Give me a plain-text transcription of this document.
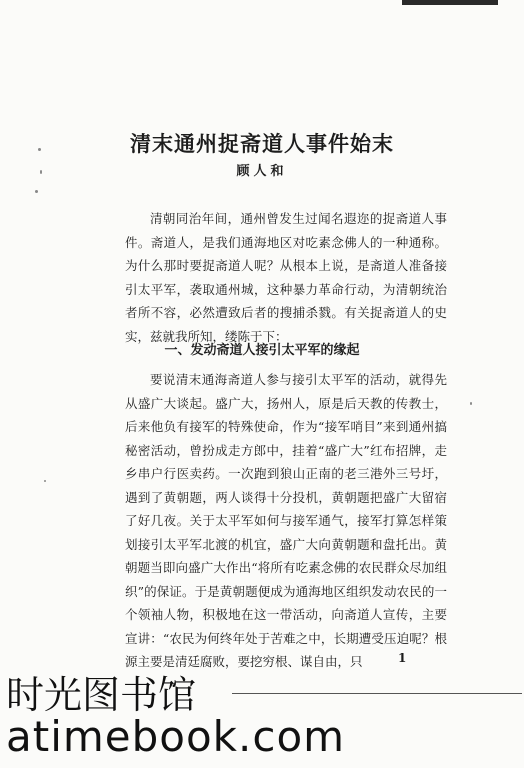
清末通州捉斋道人事件始末
顾人和

清朝同治年间，通州曾发生过闻名遐迩的捉斋道人事件。斋道人，是我们通海地区对吃素念佛人的一种通称。为什么那时要捉斋道人呢？从根本上说，是斋道人准备接引太平军，袭取通州城，这种暴力革命行动，为清朝统治者所不容，必然遭致后者的搜捕杀戮。有关捉斋道人的史实，兹就我所知，缕陈于下：

一、发动斋道人接引太平军的缘起

要说清末通海斋道人参与接引太平军的活动，就得先从盛广大谈起。盛广大，扬州人，原是后天教的传教士，后来他负有接军的特殊使命，作为“接军哨目”来到通州搞秘密活动，曾扮成走方郎中，挂着“盛广大”红布招牌，走乡串户行医卖药。一次跑到狼山正南的老三港外三号圩，遇到了黄朝题，两人谈得十分投机，黄朝题把盛广大留宿了好几夜。关于太平军如何与接军通气，接军打算怎样策划接引太平军北渡的机宜，盛广大向黄朝题和盘托出。黄朝题当即向盛广大作出“将所有吃素念佛的农民群众尽加组织”的保证。于是黄朝题便成为通海地区组织发动农民的一个领袖人物，积极地在这一带活动，向斋道人宣传，主要宣讲：“农民为何终年处于苦难之中，长期遭受压迫呢？根源主要是清廷腐败，要挖穷根、谋自由，只	1
时光图书馆
atimebook.com
